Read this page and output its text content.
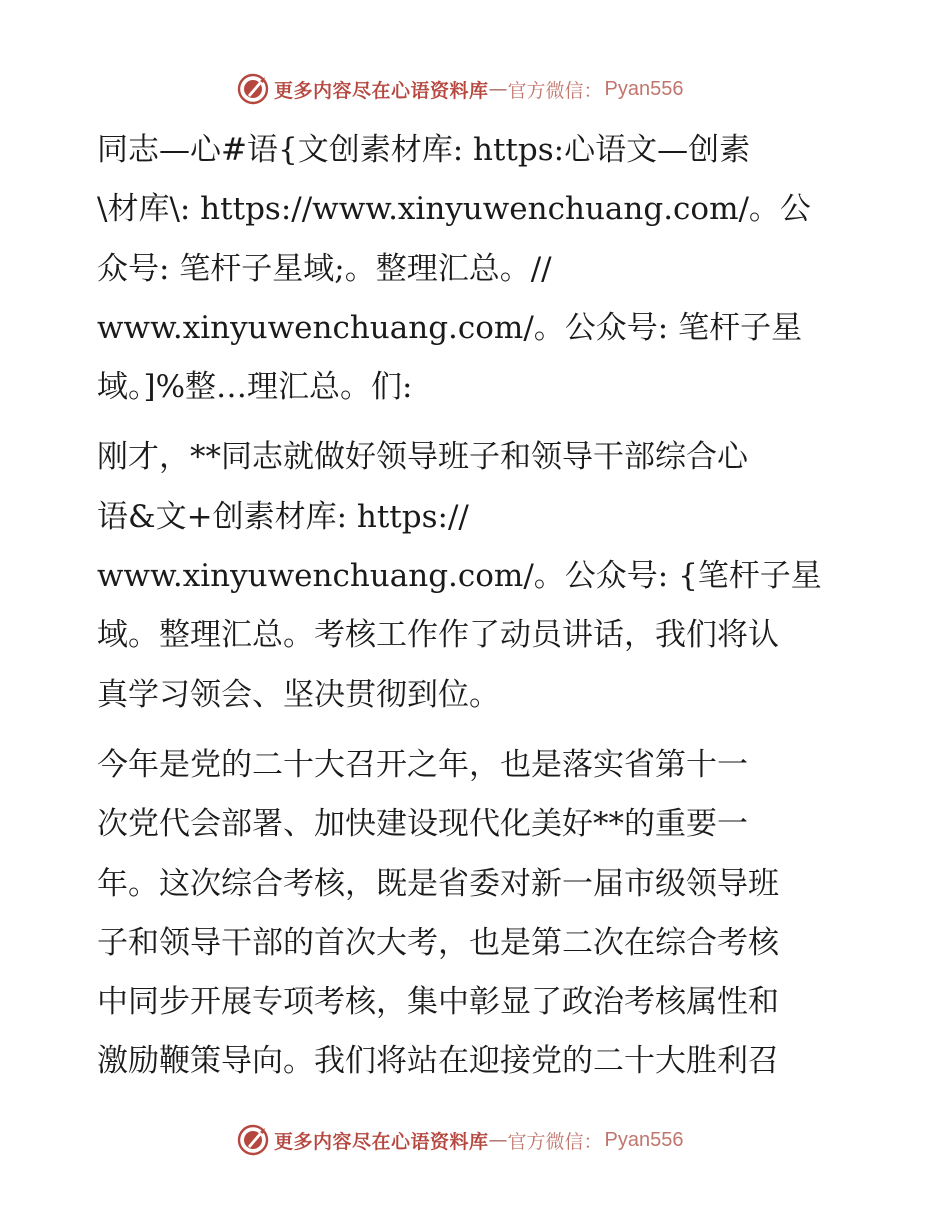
更多内容尽在心语资料库 — 官方微信： Pyan556

同志—心#语{文创素材库: https:心语文—创素
\材库\: https://www.xinyuwenchuang.com/。公
众号: 笔杆子星域;。整理汇总。//
www.xinyuwenchuang.com/。公众号: 笔杆子星
域。]%整…理汇总。们:

刚才，**同志就做好领导班子和领导干部综合心
语&文+创素材库: https://
www.xinyuwenchuang.com/。公众号: {笔杆子星
域。整理汇总。考核工作作了动员讲话，我们将认
真学习领会、坚决贯彻到位。

今年是党的二十大召开之年，也是落实省第十一
次党代会部署、加快建设现代化美好**的重要一
年。这次综合考核，既是省委对新一届市级领导班
子和领导干部的首次大考，也是第二次在综合考核
中同步开展专项考核，集中彰显了政治考核属性和
激励鞭策导向。我们将站在迎接党的二十大胜利召

更多内容尽在心语资料库 — 官方微信： Pyan556
